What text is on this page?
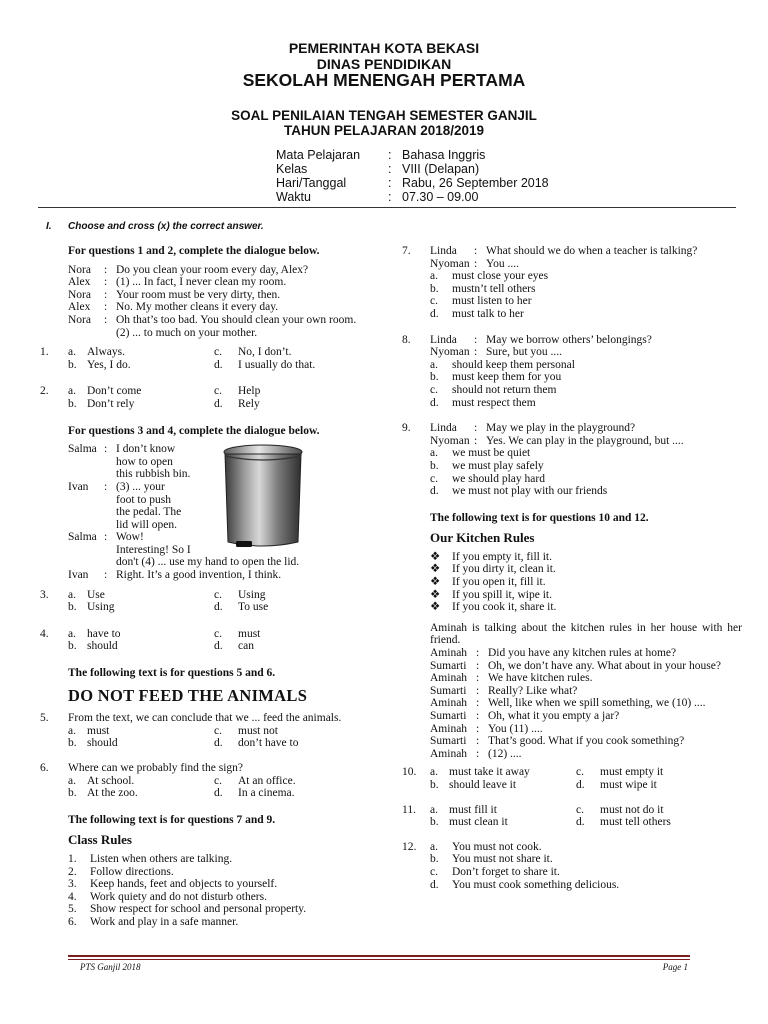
PEMERINTAH KOTA BEKASI
DINAS PENDIDIKAN
SEKOLAH MENENGAH PERTAMA
SOAL PENILAIAN TENGAH SEMESTER GANJIL
TAHUN PELAJARAN 2018/2019
Mata Pelajaran	: Bahasa Inggris
Kelas	: VIII (Delapan)
Hari/Tanggal	: Rabu, 26 September 2018
Waktu	: 07.30 – 09.00
I. Choose and cross (x) the correct answer.
For questions 1 and 2, complete the dialogue below.
Nora	: Do you clean your room every day, Alex?
Alex	: (1) ... In fact, I never clean my room.
Nora	: Your room must be very dirty, then.
Alex	: No. My mother cleans it every day.
Nora	: Oh that’s too bad. You should clean your own room.
(2) ... to much on your mother.
1.	a. Always.	c.	No, I don’t.
b. Yes, I do.	d.	I usually do that.
2.	a. Don’t come	c.	Help
b. Don’t rely	d.	Rely
For questions 3 and 4, complete the dialogue below.
Salma : I don’t know
how to open
this rubbish bin.
Ivan	: (3) ... your
foot to push
the pedal. The
lid will open.
Salma : Wow!
Interesting! So I
don't (4) ... use my hand to open the lid.
Ivan	: Right. It’s a good invention, I think.
3.	a. Use	c.	Using
b. Using	d.	To use
4.	a. have to	c.	must
b. should	d.	can
The following text is for questions 5 and 6.
DO NOT FEED THE ANIMALS
5.	From the text, we can conclude that we ... feed the animals.
a. must	c.	must not
b. should	d.	don’t have to
6.	Where can we probably find the sign?
a. At school.	c.	At an office.
b. At the zoo.	d.	In a cinema.
The following text is for questions 7 and 9.
Class Rules
1.	Listen when others are talking.
2.	Follow directions.
3.	Keep hands, feet and objects to yourself.
4.	Work quiety and do not disturb others.
5.	Show respect for school and personal property.
6.	Work and play in a safe manner.
7.	Linda	: What should we do when a teacher is talking?
Nyoman : You ....
a.	must close your eyes
b.	mustn’t tell others
c.	must listen to her
d.	must talk to her
8.	Linda	: May we borrow others’ belongings?
Nyoman : Sure, but you ....
a.	should keep them personal
b.	must keep them for you
c.	should not return them
d.	must respect them
9.	Linda	: May we play in the playground?
Nyoman : Yes. We can play in the playground, but ....
a.	we must be quiet
b.	we must play safely
c.	we should play hard
d.	we must not play with our friends
The following text is for questions 10 and 12.
Our Kitchen Rules
❖	If you empty it, fill it.
❖	If you dirty it, clean it.
❖	If you open it, fill it.
❖	If you spill it, wipe it.
❖	If you cook it, share it.
Aminah is talking about the kitchen rules in her house with her friend.
Aminah : Did you have any kitchen rules at home?
Sumarti : Oh, we don’t have any. What about in your house?
Aminah : We have kitchen rules.
Sumarti : Really? Like what?
Aminah : Well, like when we spill something, we (10) ....
Sumarti : Oh, what it you empty a jar?
Aminah : You (11) ....
Sumarti : That’s good. What if you cook something?
Aminah : (12) ....
10.	a. must take it away	c.	must empty it
b. should leave it	d.	must wipe it
11.	a. must fill it	c.	must not do it
b. must clean it	d.	must tell others
12.	a.	You must not cook.
b.	You must not share it.
c.	Don’t forget to share it.
d.	You must cook something delicious.
PTS Ganjil 2018	Page 1
